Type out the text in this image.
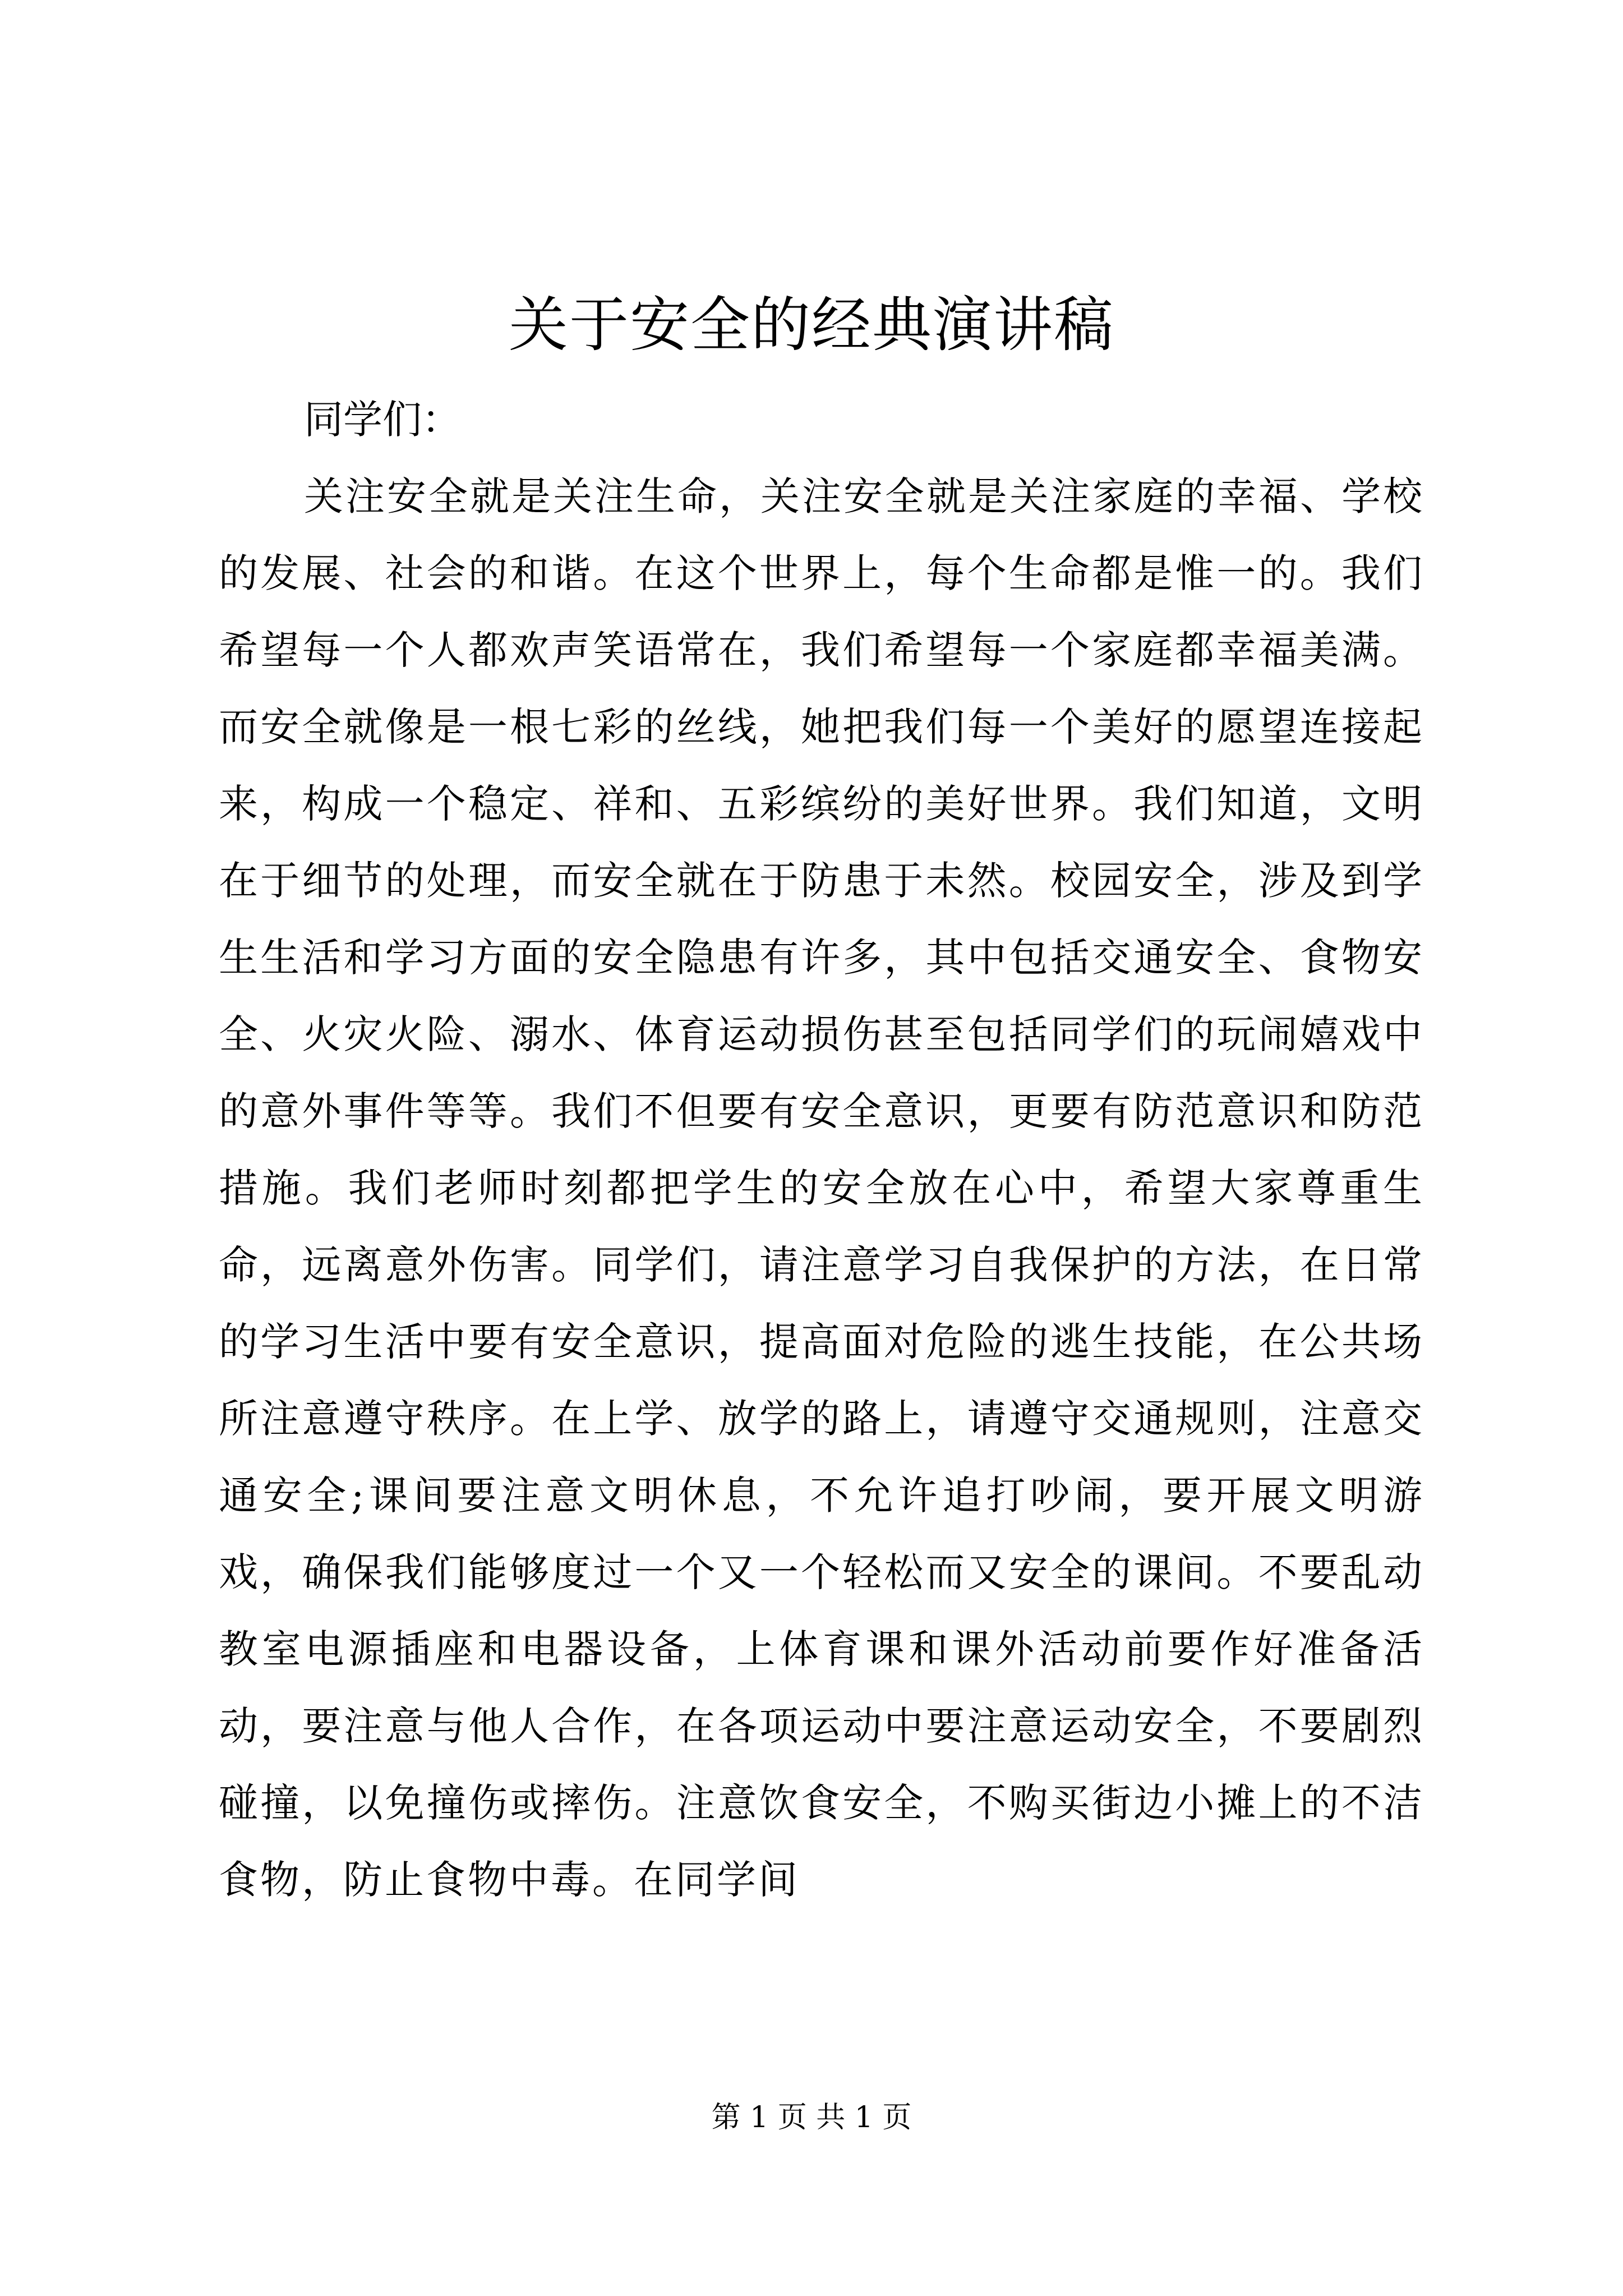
关于安全的经典演讲稿

同学们：

关注安全就是关注生命，关注安全就是关注家庭的幸福、学校的发展、社会的和谐。在这个世界上，每个生命都是惟一的。我们希望每一个人都欢声笑语常在，我们希望每一个家庭都幸福美满。而安全就像是一根七彩的丝线，她把我们每一个美好的愿望连接起来，构成一个稳定、祥和、五彩缤纷的美好世界。我们知道，文明在于细节的处理，而安全就在于防患于未然。校园安全，涉及到学生生活和学习方面的安全隐患有许多，其中包括交通安全、食物安全、火灾火险、溺水、体育运动损伤甚至包括同学们的玩闹嬉戏中的意外事件等等。我们不但要有安全意识，更要有防范意识和防范措施。我们老师时刻都把学生的安全放在心中，希望大家尊重生命，远离意外伤害。同学们，请注意学习自我保护的方法，在日常的学习生活中要有安全意识，提高面对危险的逃生技能，在公共场所注意遵守秩序。在上学、放学的路上，请遵守交通规则，注意交通安全;课间要注意文明休息，不允许追打吵闹，要开展文明游戏，确保我们能够度过一个又一个轻松而又安全的课间。不要乱动教室电源插座和电器设备，上体育课和课外活动前要作好准备活动，要注意与他人合作，在各项运动中要注意运动安全，不要剧烈碰撞，以免撞伤或摔伤。注意饮食安全，不购买街边小摊上的不洁食物，防止食物中毒。在同学间

第 1 页 共 1 页
